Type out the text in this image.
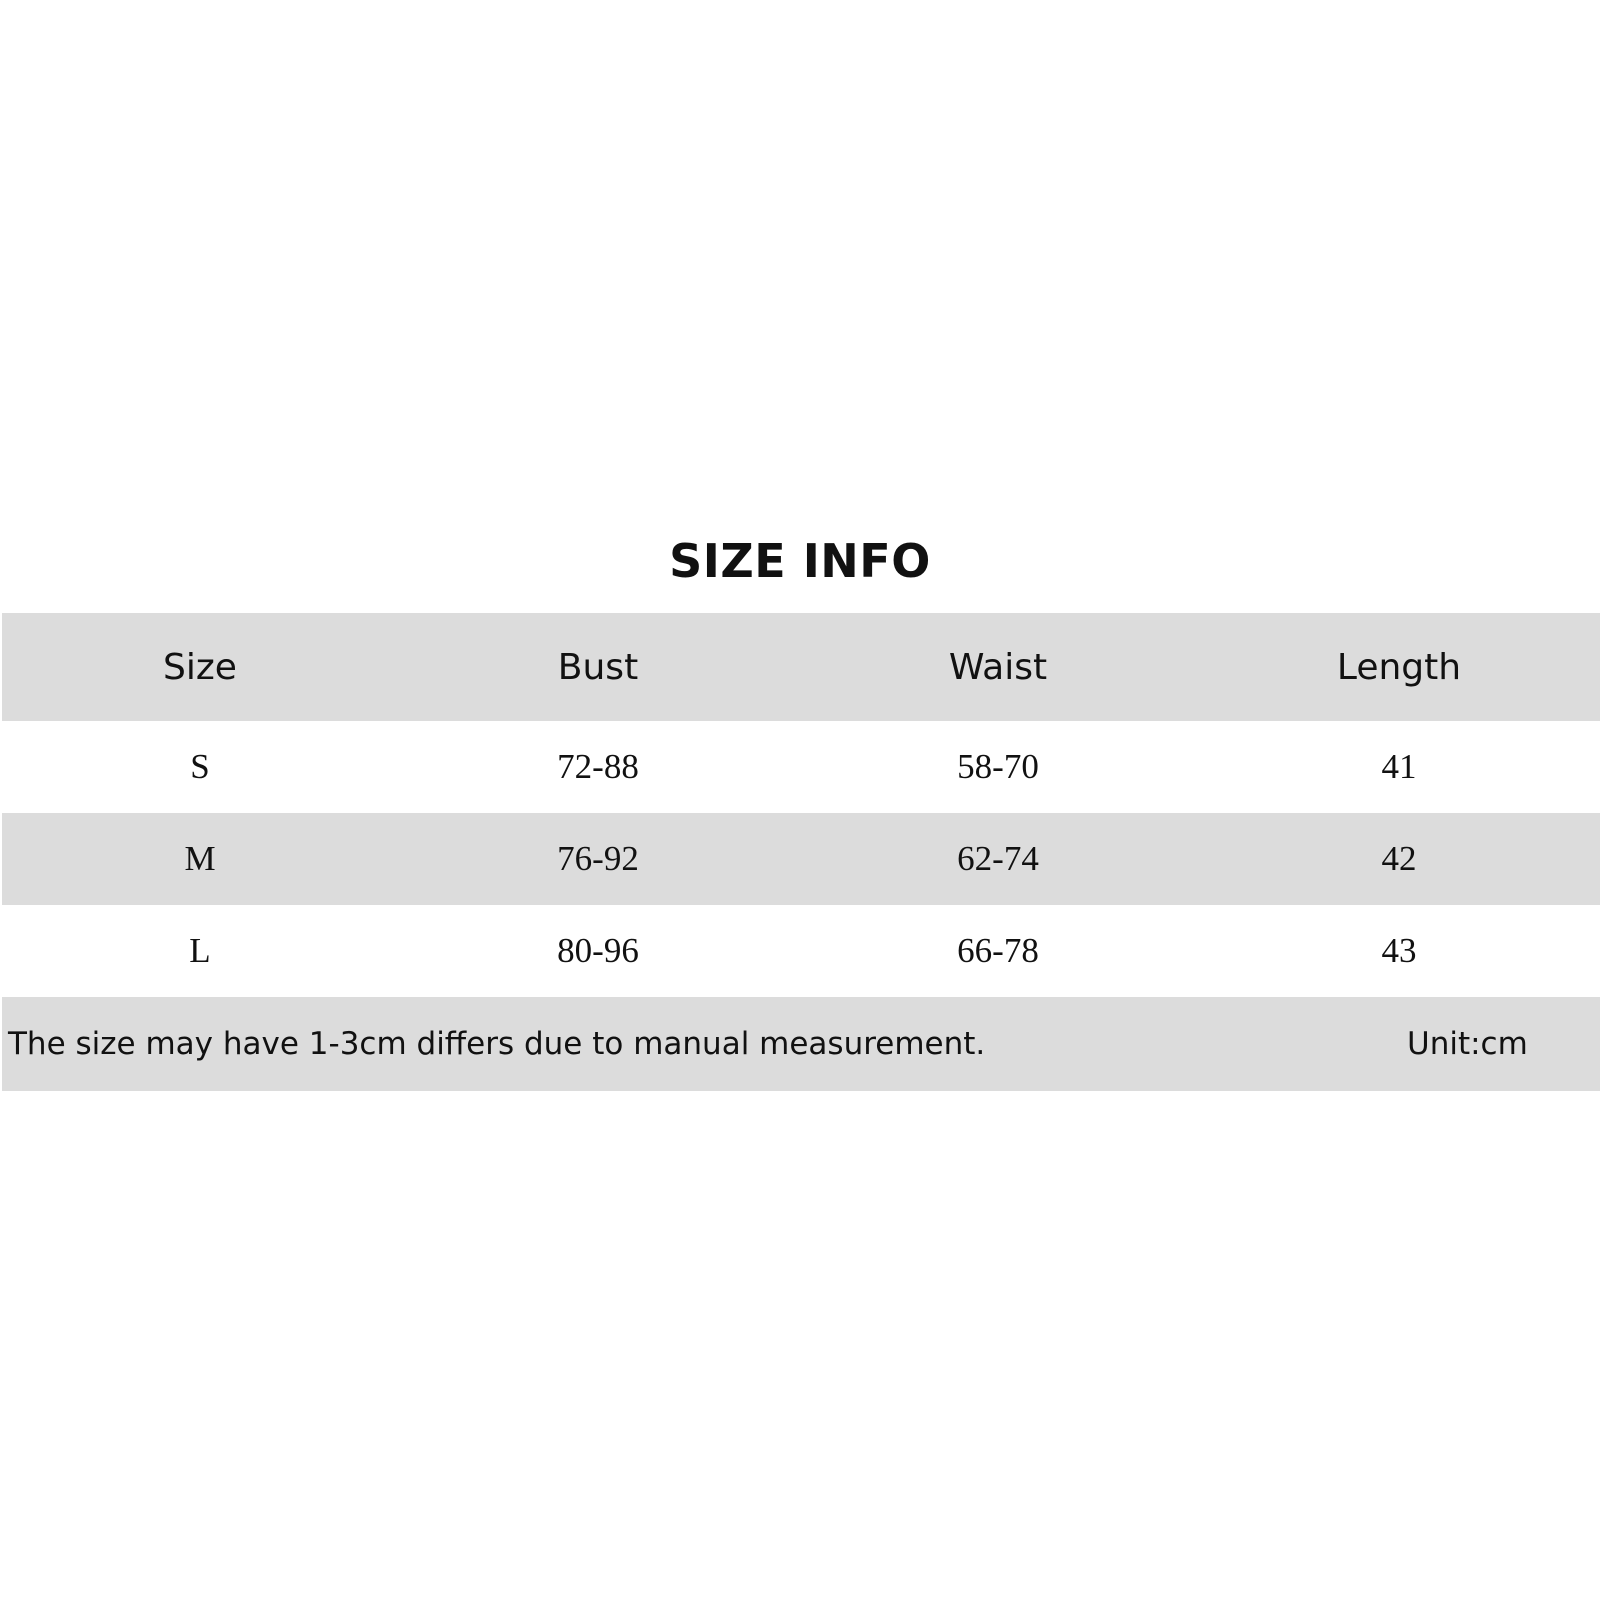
SIZE INFO
Size	Bust	Waist	Length
S	72-88	58-70	41
M	76-92	62-74	42
L	80-96	66-78	43
The size may have 1-3cm differs due to manual measurement.	Unit:cm
